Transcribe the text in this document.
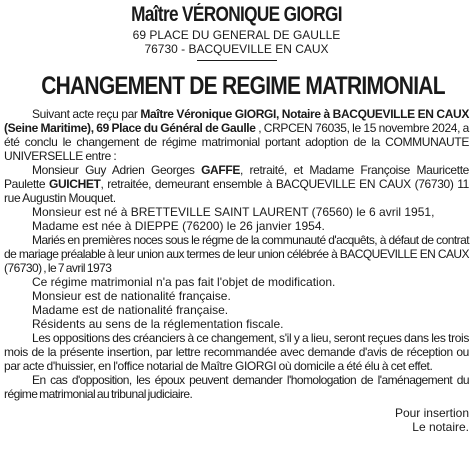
Maître VÉRONIQUE GIORGI
69 PLACE DU GENERAL DE GAULLE
76730 - BACQUEVILLE EN CAUX
CHANGEMENT DE REGIME MATRIMONIAL

Suivant acte reçu par Maître Véronique GIORGI, Notaire à BACQUEVILLE EN CAUX (Seine Maritime), 69 Place du Général de Gaulle , CRPCEN 76035, le 15 novembre 2024, a été conclu le changement de régime matrimonial portant adoption de la COMMUNAUTE UNIVERSELLE entre :

Monsieur Guy Adrien Georges GAFFE, retraité, et Madame Françoise Mauricette Paulette GUICHET, retraitée, demeurant ensemble à BACQUEVILLE EN CAUX (76730) 11 rue Augustin Mouquet.

Monsieur est né à BRETTEVILLE SAINT LAURENT (76560) le 6 avril 1951,
Madame est née à DIEPPE (76200) le 26 janvier 1954.

Mariés en premières noces sous le régme de la communauté d'acquêts, à défaut de contrat de mariage préalable à leur union aux termes de leur union célébrée à BACQUEVILLE EN CAUX (76730) , le 7 avril 1973

Ce régime matrimonial n'a pas fait l'objet de modification.
Monsieur est de nationalité française.
Madame est de nationalité française.
Résidents au sens de la réglementation fiscale.

Les oppositions des créanciers à ce changement, s'il y a lieu, seront reçues dans les trois mois de la présente insertion, par lettre recommandée avec demande d'avis de réception ou par acte d'huissier, en l'office notarial de Maître GIORGI où domicile a été élu à cet effet.

En cas d'opposition, les époux peuvent demander l'homologation de l'aménagement du régime matrimonial au tribunal judiciaire.

Pour insertion
Le notaire.
